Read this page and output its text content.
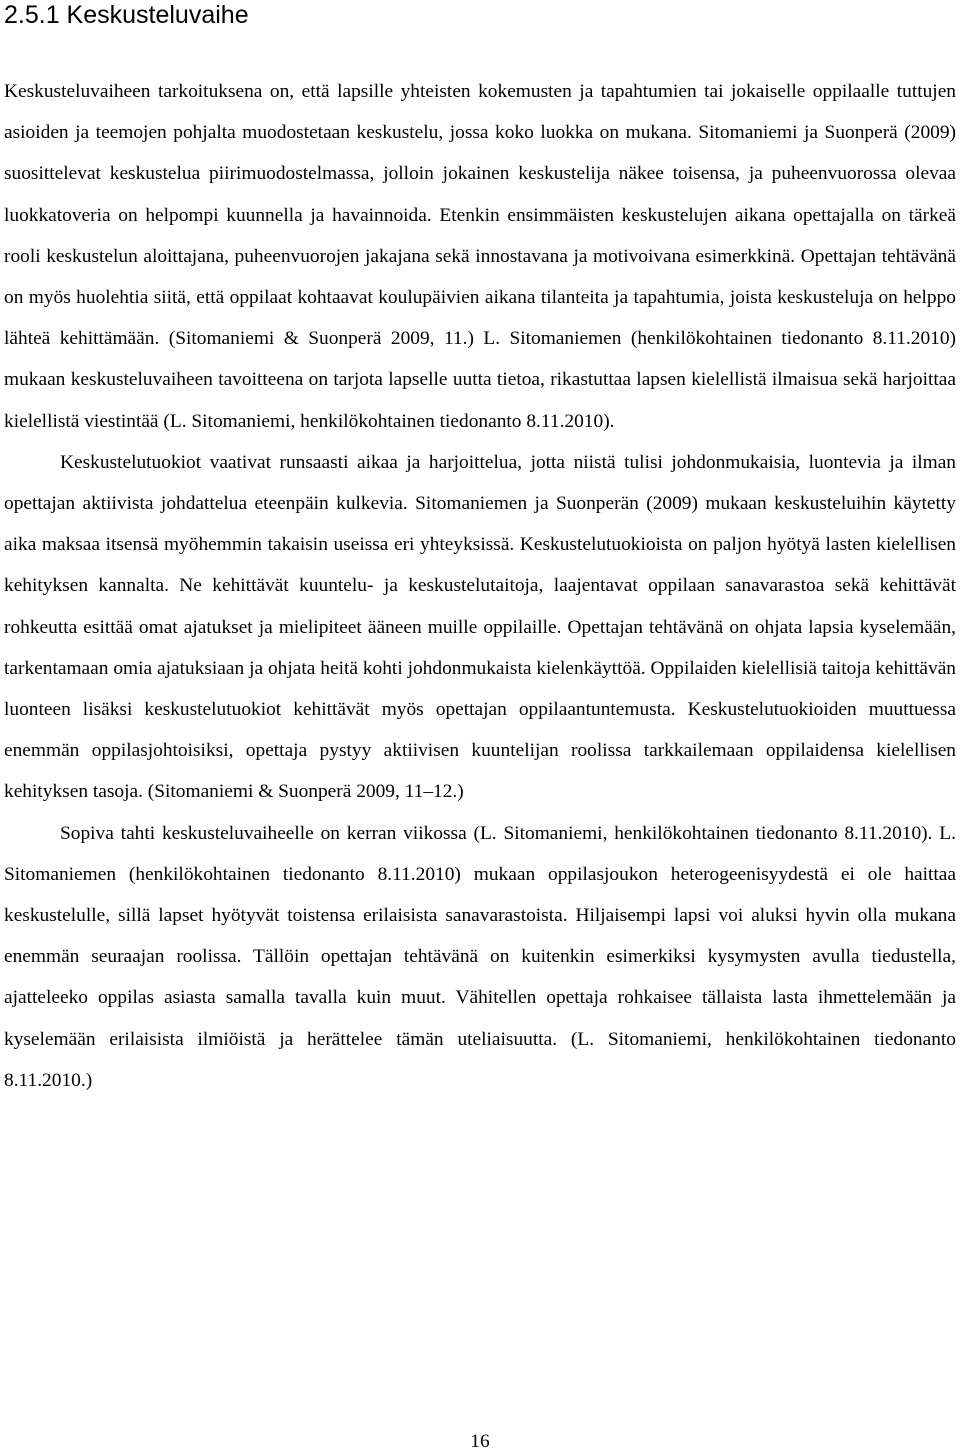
2.5.1 Keskusteluvaihe

Keskusteluvaiheen tarkoituksena on, että lapsille yhteisten kokemusten ja tapahtumien tai jokaiselle oppilaalle tuttujen asioiden ja teemojen pohjalta muodostetaan keskustelu, jossa koko luokka on mukana. Sitomaniemi ja Suonperä (2009) suosittelevat keskustelua piirimuodostelmassa, jolloin jokainen keskustelija näkee toisensa, ja puheenvuorossa olevaa luokkatoveria on helpompi kuunnella ja havainnoida. Etenkin ensimmäisten keskustelujen aikana opettajalla on tärkeä rooli keskustelun aloittajana, puheenvuorojen jakajana sekä innostavana ja motivoivana esimerkkinä. Opettajan tehtävänä on myös huolehtia siitä, että oppilaat kohtaavat koulupäivien aikana tilanteita ja tapahtumia, joista keskusteluja on helppo lähteä kehittämään. (Sitomaniemi & Suonperä 2009, 11.) L. Sitomaniemen (henkilökohtainen tiedonanto 8.11.2010) mukaan keskusteluvaiheen tavoitteena on tarjota lapselle uutta tietoa, rikastuttaa lapsen kielellistä ilmaisua sekä harjoittaa kielellistä viestintää (L. Sitomaniemi, henkilökohtainen tiedonanto 8.11.2010).

Keskustelutuokiot vaativat runsaasti aikaa ja harjoittelua, jotta niistä tulisi johdonmukaisia, luontevia ja ilman opettajan aktiivista johdattelua eteenpäin kulkevia. Sitomaniemen ja Suonperän (2009) mukaan keskusteluihin käytetty aika maksaa itsensä myöhemmin takaisin useissa eri yhteyksissä. Keskustelutuokioista on paljon hyötyä lasten kielellisen kehityksen kannalta. Ne kehittävät kuuntelu- ja keskustelutaitoja, laajentavat oppilaan sanavarastoa sekä kehittävät rohkeutta esittää omat ajatukset ja mielipiteet ääneen muille oppilaille. Opettajan tehtävänä on ohjata lapsia kyselemään, tarkentamaan omia ajatuksiaan ja ohjata heitä kohti johdonmukaista kielenkäyttöä. Oppilaiden kielellisiä taitoja kehittävän luonteen lisäksi keskustelutuokiot kehittävät myös opettajan oppilaantuntemusta. Keskustelutuokioiden muuttuessa enemmän oppilasjohtoisiksi, opettaja pystyy aktiivisen kuuntelijan roolissa tarkkailemaan oppilaidensa kielellisen kehityksen tasoja. (Sitomaniemi & Suonperä 2009, 11–12.)

Sopiva tahti keskusteluvaiheelle on kerran viikossa (L. Sitomaniemi, henkilökohtainen tiedonanto 8.11.2010). L. Sitomaniemen (henkilökohtainen tiedonanto 8.11.2010) mukaan oppilasjoukon heterogeenisyydestä ei ole haittaa keskustelulle, sillä lapset hyötyvät toistensa erilaisista sanavarastoista. Hiljaisempi lapsi voi aluksi hyvin olla mukana enemmän seuraajan roolissa. Tällöin opettajan tehtävänä on kuitenkin esimerkiksi kysymysten avulla tiedustella, ajatteleeko oppilas asiasta samalla tavalla kuin muut. Vähitellen opettaja rohkaisee tällaista lasta ihmettelemään ja kyselemään erilaisista ilmiöistä ja herättelee tämän uteliaisuutta. (L. Sitomaniemi, henkilökohtainen tiedonanto 8.11.2010.)

16
